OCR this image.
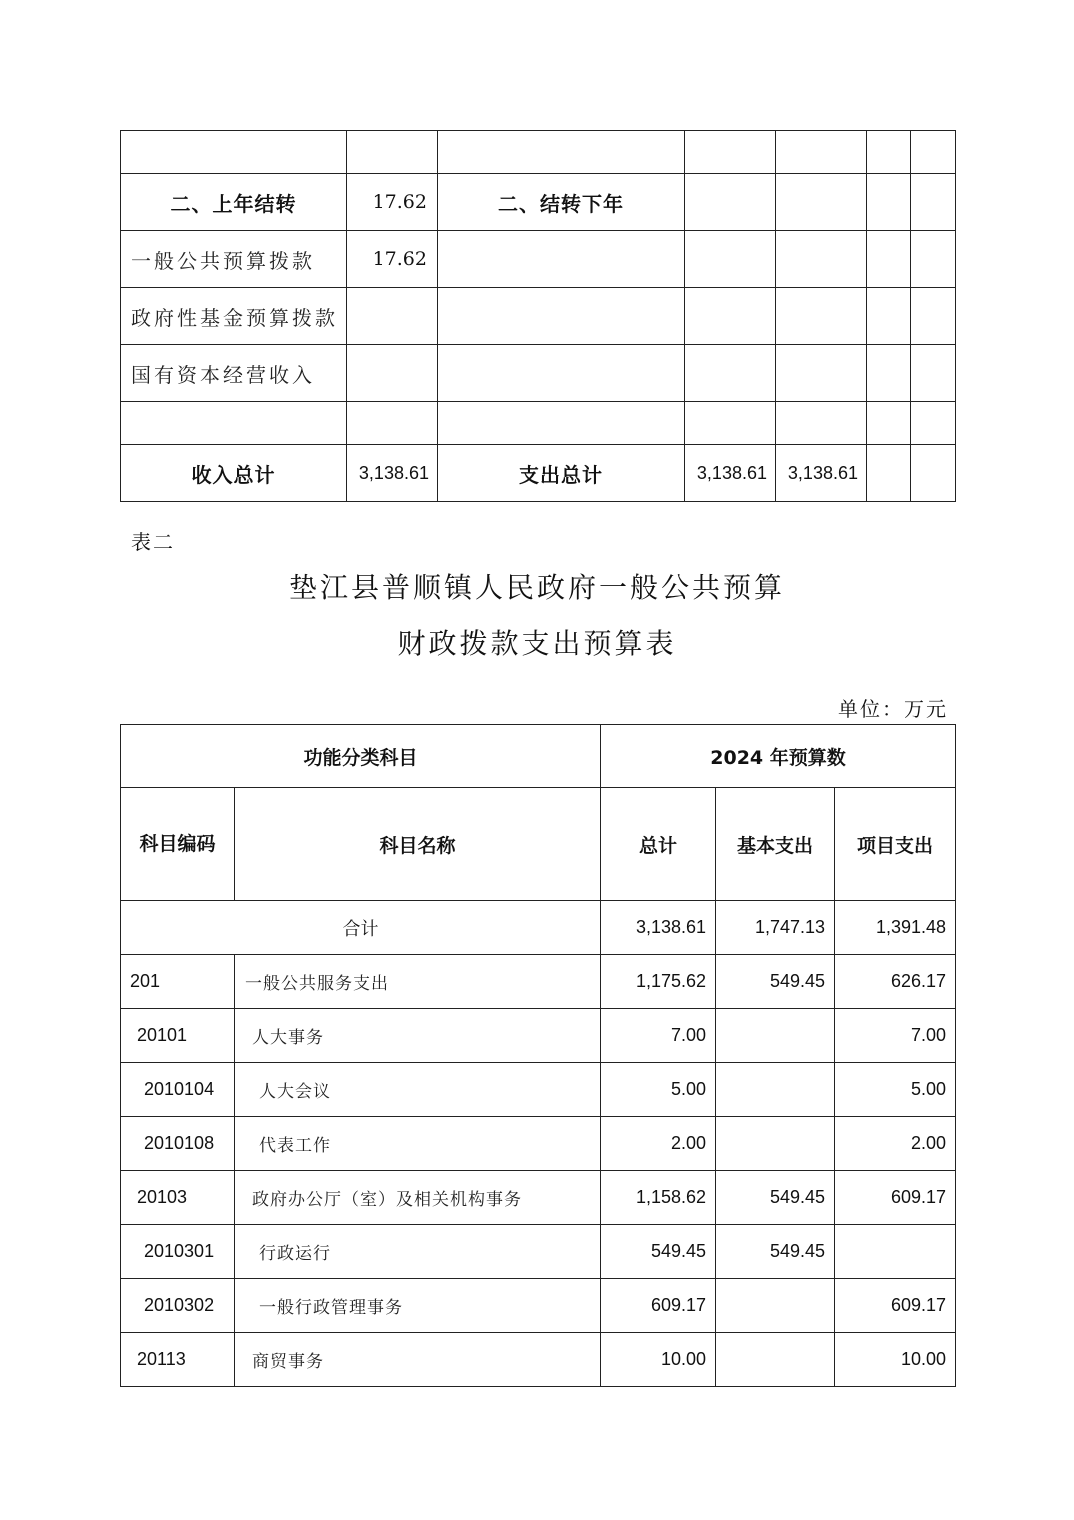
二、上年结转	17.62	二、结转下年				
一般公共预算拨款	17.62					
政府性基金预算拨款						
国有资本经营收入						

收入总计	3,138.61	支出总计	3,138.61	3,138.61		

表二

垫江县普顺镇人民政府一般公共预算

财政拨款支出预算表

单位：万元

功能分类科目		2024 年预算数		
科目编码	科目名称	总计	基本支出	项目支出
合计		3,138.61	1,747.13	1,391.48
201	一般公共服务支出	1,175.62	549.45	626.17
20101	人大事务	7.00		7.00
2010104	人大会议	5.00		5.00
2010108	代表工作	2.00		2.00
20103	政府办公厅（室）及相关机构事务	1,158.62	549.45	609.17
2010301	行政运行	549.45	549.45	
2010302	一般行政管理事务	609.17		609.17
20113	商贸事务	10.00		10.00
